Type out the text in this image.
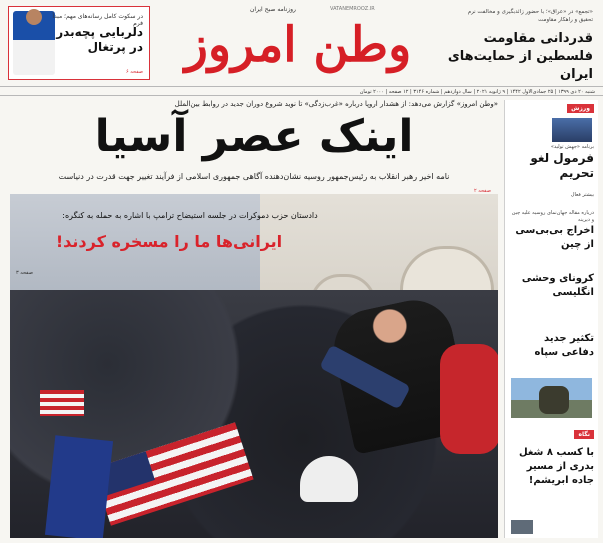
در سکوت کامل رسانه‌های مهم؛ مبدأ فرم
دلربایی پچه‌بدر در پرتغال
صفحه ۶
روزنامه صبح ایران
وطن امروز
VATANEMROOZ.IR	«تجمع» در «عراق»؛ با حضور زائدبگیری و مخالفت نرم تحقیق و راهکار مقاومت
قدردانی مقاومت فلسطین از حمایت‌های ایران
شنبه ۲۰ دی ۱۳۹۹ | ۲۵ جمادی‌الاول ۱۴۴۲ | ۹ ژانویه ۲۰۲۱ | سال دوازدهم | شماره ۳۱۴۶ | ۱۲ صفحه | ۲۰۰۰ تومان
«وطن امروز» گزارش می‌دهد: از هشدار اروپا درباره «غرب‌زدگی» تا نوید شروع دوران جدید در روابط بین‌الملل
اینک عصر آسیا
نامه اخیر رهبر انقلاب به رئیس‌جمهور روسیه نشان‌دهنده آگاهی جمهوری اسلامی از فرآیند تغییر جهت قدرت در دنیاست
صفحه ۲
دادستان حزب دموکرات در جلسه استیضاح ترامپ با اشاره به حمله به کنگره:
ایرانی‌ها ما را مسخره کردند!
صفحه ۳
ورزش
برنامه «جهش تولید»
فرمول لغو تحریم
بیشتر فعال
درباره مقاله جهان‌نمای روسیه علیه چین و دیرینه
اخراج بی‌بی‌سی از چین
کرونای وحشی انگلیسی
تکثیر جدید دفاعی سپاه
نگاه
با کسب ۸ شغل بدری از مسیر جاده ابریشم!
